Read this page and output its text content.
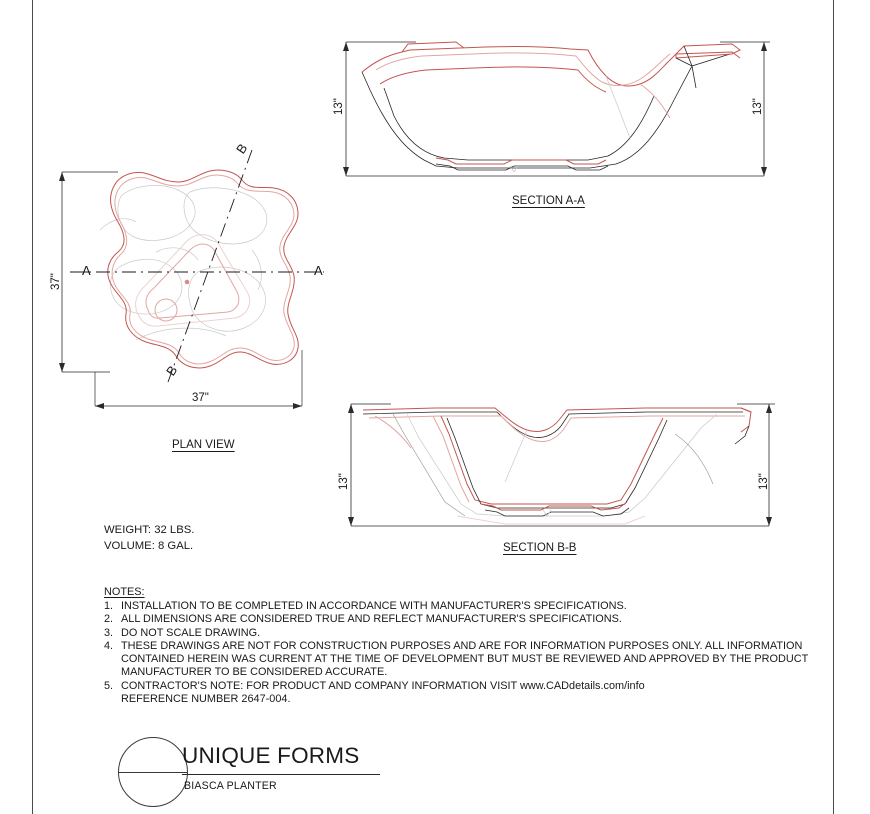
A	A
B
B
37"
37"
PLAN VIEW
13"	13"
SECTION A-A
13"	13"
SECTION B-B
WEIGHT: 32 LBS.
VOLUME: 8 GAL.
NOTES:
1. INSTALLATION TO BE COMPLETED IN ACCORDANCE WITH MANUFACTURER'S SPECIFICATIONS.
2. ALL DIMENSIONS ARE CONSIDERED TRUE AND REFLECT MANUFACTURER'S SPECIFICATIONS.
3. DO NOT SCALE DRAWING.
4. THESE DRAWINGS ARE NOT FOR CONSTRUCTION PURPOSES AND ARE FOR INFORMATION PURPOSES ONLY. ALL INFORMATION
CONTAINED HEREIN WAS CURRENT AT THE TIME OF DEVELOPMENT BUT MUST BE REVIEWED AND APPROVED BY THE PRODUCT
MANUFACTURER TO BE CONSIDERED ACCURATE.
5. CONTRACTOR'S NOTE: FOR PRODUCT AND COMPANY INFORMATION VISIT www.CADdetails.com/info
REFERENCE NUMBER 2647-004.
UNIQUE FORMS
BIASCA PLANTER
